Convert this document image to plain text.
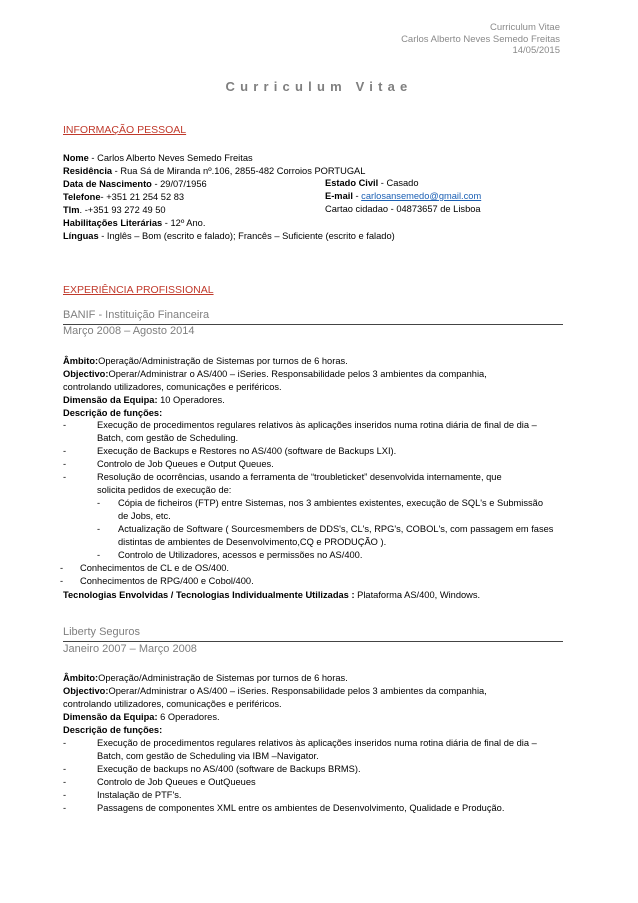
Curriculum Vitae
Carlos Alberto Neves Semedo Freitas
14/05/2015
Curriculum Vitae
INFORMAÇÃO PESSOAL
Nome - Carlos Alberto Neves Semedo Freitas
Residência - Rua Sá de Miranda nº.106, 2855-482 Corroios PORTUGAL
Data de Nascimento - 29/07/1956	Estado Civil - Casado
Telefone- +351 21 254 52 83	E-mail - carlosansemedo@gmail.com
Tlm. -+351 93 272 49 50	Cartao cidadao - 04873657 de Lisboa
Habilitações Literárias - 12º Ano.
Línguas - Inglês – Bom (escrito e falado); Francês – Suficiente (escrito e falado)
EXPERIÊNCIA PROFISSIONAL
BANIF - Instituição Financeira
Março 2008 – Agosto 2014
Âmbito:Operação/Administração de Sistemas por turnos de 6 horas.
Objectivo:Operar/Administrar o AS/400 – iSeries. Responsabilidade pelos 3 ambientes da companhia,
controlando utilizadores, comunicações e periféricos.
Dimensão da Equipa: 10 Operadores.
Descrição de funções:
-	Execução de procedimentos regulares relativos às aplicações inseridos numa rotina diária de final de dia –
Batch, com gestão de Scheduling.
-	Execução de Backups e Restores no AS/400 (software de Backups LXI).
-	Controlo de Job Queues e Output Queues.
-	Resolução de ocorrências, usando a ferramenta de “troubleticket” desenvolvida internamente, que
solicita pedidos de execução de:
- Cópia de ficheiros (FTP) entre Sistemas, nos 3 ambientes existentes, execução de SQL's e Submissão
de Jobs, etc.
- Actualização de Software ( Sourcesmembers de DDS's, CL's, RPG's, COBOL's, com passagem em fases
distintas de ambientes de Desenvolvimento,CQ e PRODUÇÃO ).
- Controlo de Utilizadores, acessos e permissões no AS/400.
- Conhecimentos de CL e de OS/400.
- Conhecimentos de RPG/400 e Cobol/400.
Tecnologias Envolvidas / Tecnologias Individualmente Utilizadas : Plataforma AS/400, Windows.
Liberty Seguros
Janeiro 2007 – Março 2008
Âmbito:Operação/Administração de Sistemas por turnos de 6 horas.
Objectivo:Operar/Administrar o AS/400 – iSeries. Responsabilidade pelos 3 ambientes da companhia,
controlando utilizadores, comunicações e periféricos.
Dimensão da Equipa: 6 Operadores.
Descrição de funções:
-	Execução de procedimentos regulares relativos às aplicações inseridos numa rotina diária de final de dia –
Batch, com gestão de Scheduling via IBM –Navigator.
-	Execução de backups no AS/400 (software de Backups BRMS).
-	Controlo de Job Queues e OutQueues
-	Instalação de PTF's.
-	Passagens de componentes XML entre os ambientes de Desenvolvimento, Qualidade e Produção.
